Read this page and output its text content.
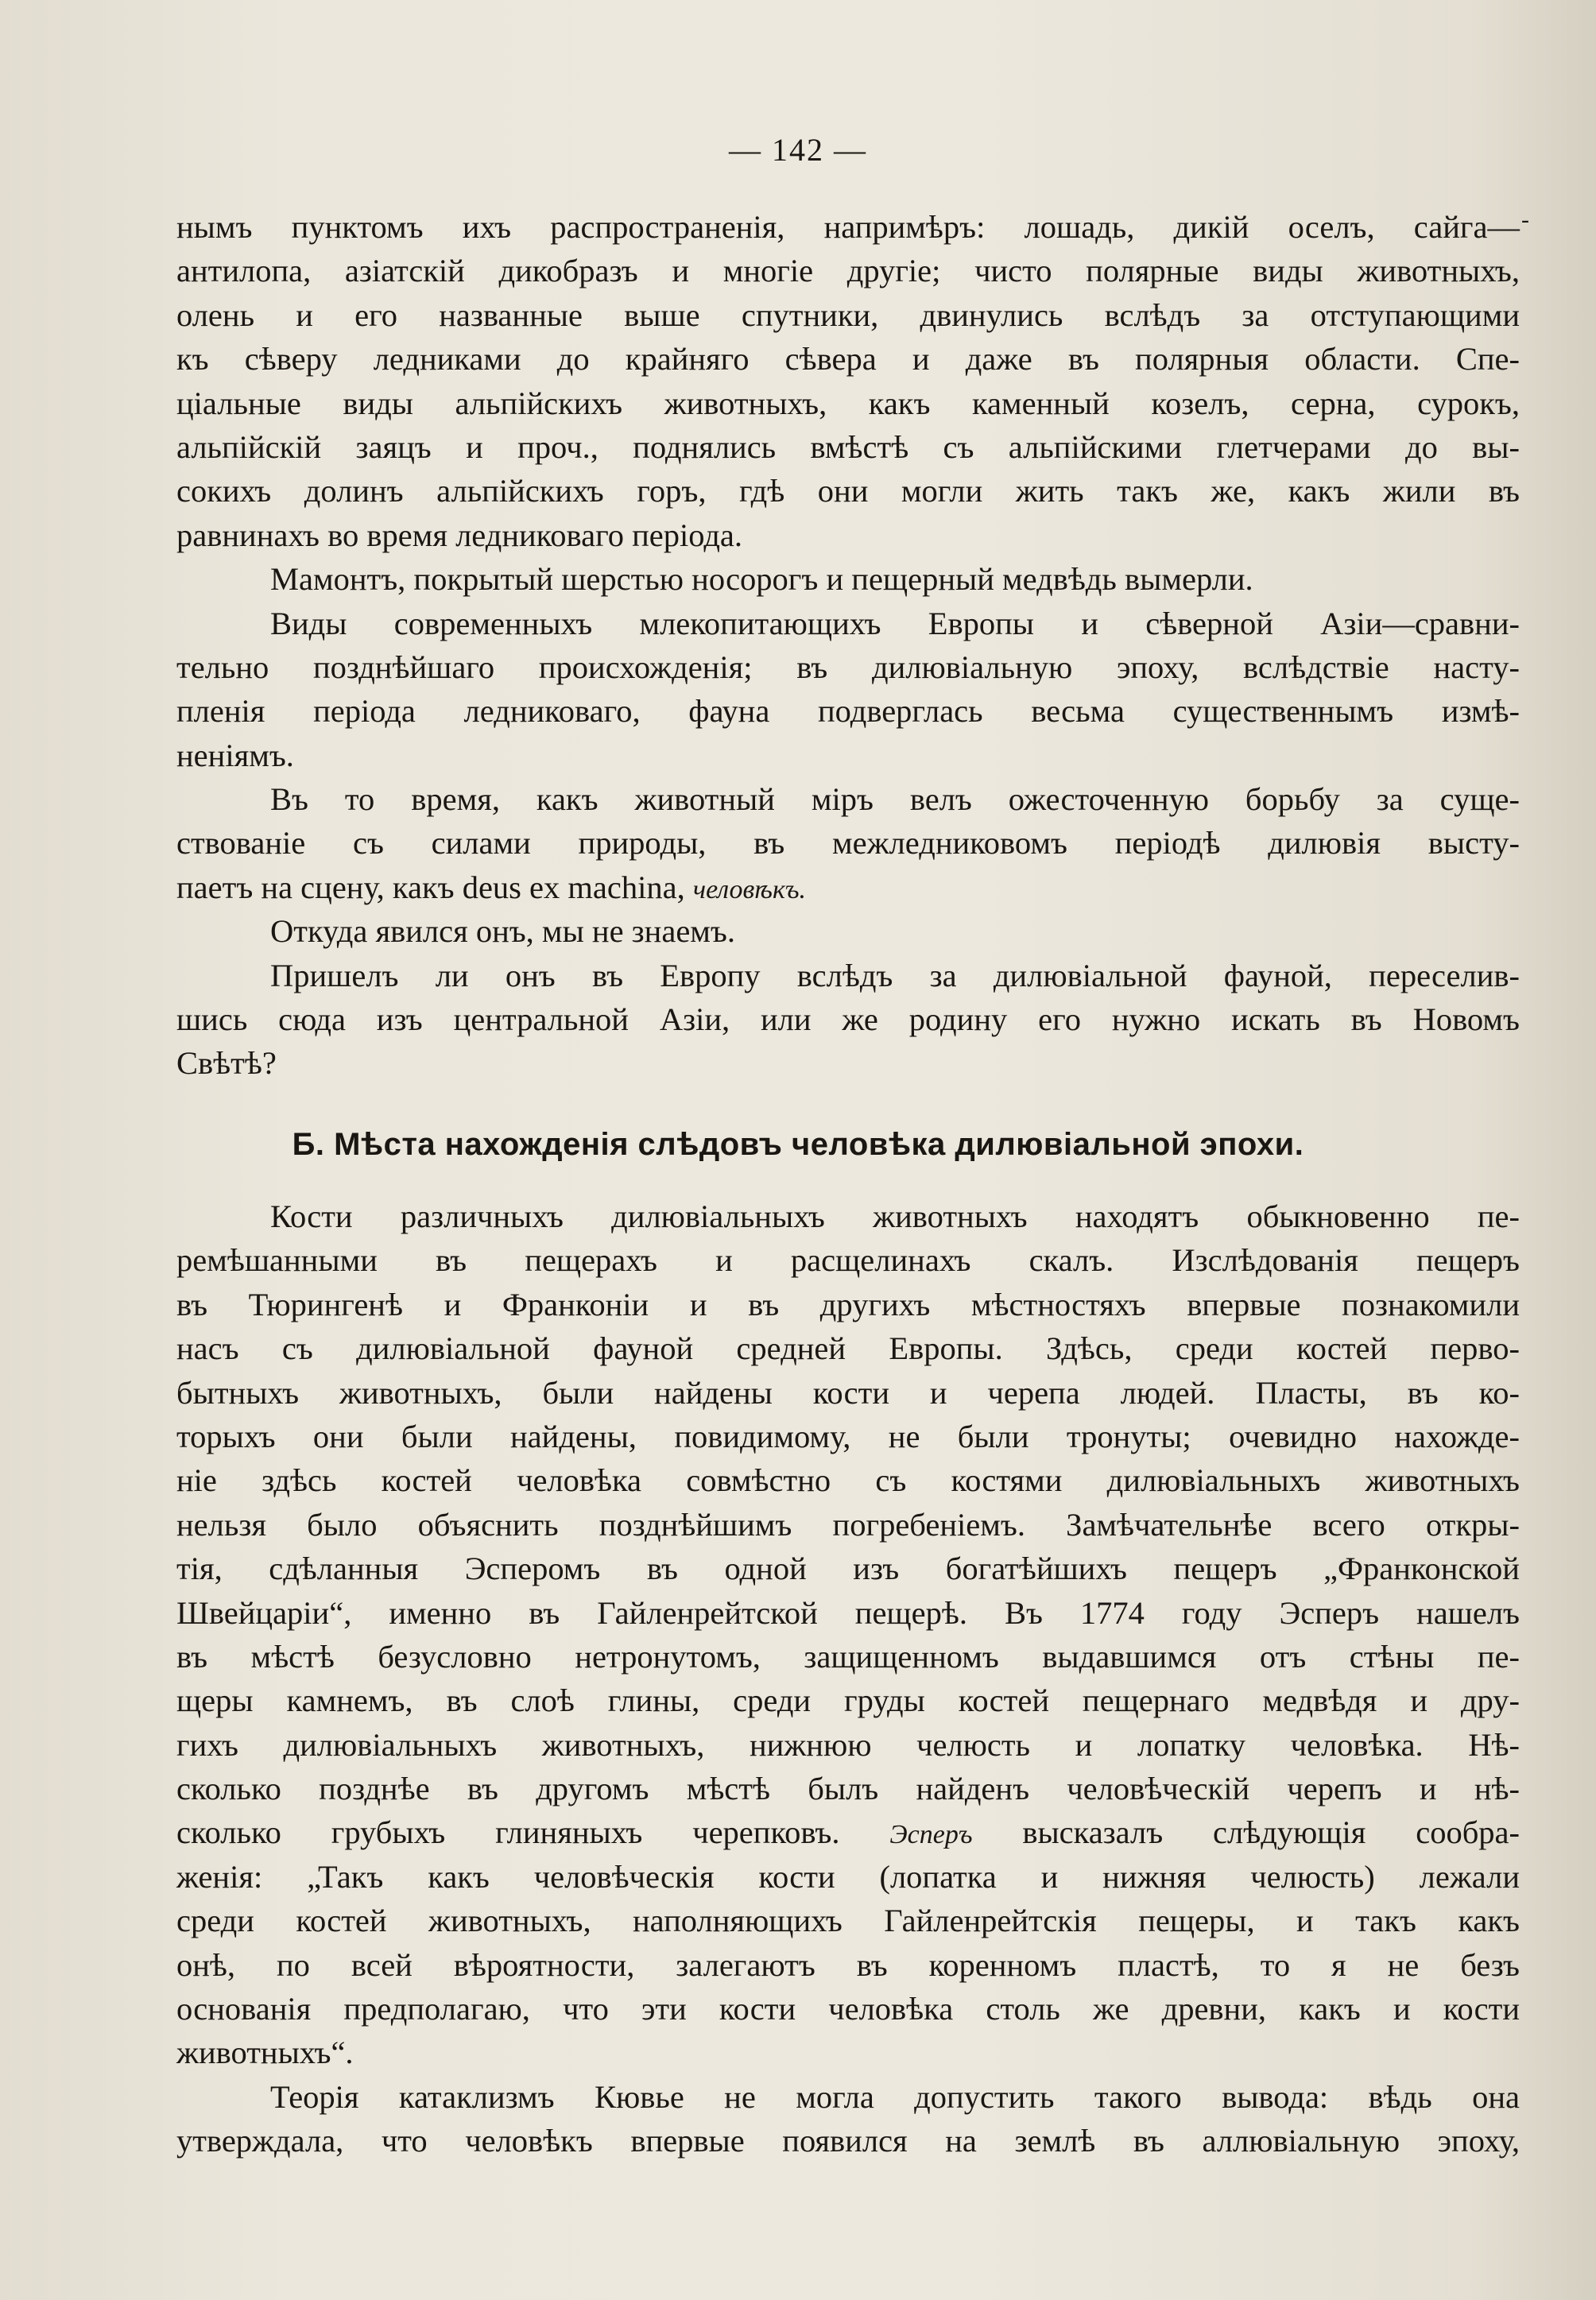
— 142 —
-
нымъ пунктомъ ихъ распространенія, напримѣръ: лошадь, дикій оселъ, сайга—
антилопа, азіатскій дикобразъ и многіе другіе; чисто полярные виды животныхъ,
олень и его названные выше спутники, двинулись вслѣдъ за отступающими
къ сѣверу ледниками до крайняго сѣвера и даже въ полярныя области. Спе-
ціальные виды альпійскихъ животныхъ, какъ каменный козелъ, серна, сурокъ,
альпійскій заяцъ и проч., поднялись вмѣстѣ съ альпійскими глетчерами до вы-
сокихъ долинъ альпійскихъ горъ, гдѣ они могли жить такъ же, какъ жили въ
равнинахъ во время ледниковаго періода.
Мамонтъ, покрытый шерстью носорогъ и пещерный медвѣдь вымерли.
Виды современныхъ млекопитающихъ Европы и сѣверной Азіи—сравни-
тельно позднѣйшаго происхожденія; въ дилювіальную эпоху, вслѣдствіе насту-
пленія періода ледниковаго, фауна подверглась весьма существеннымъ измѣ-
неніямъ.
Въ то время, какъ животный міръ велъ ожесточенную борьбу за суще-
ствованіе съ силами природы, въ межледниковомъ періодѣ дилювія высту-
паетъ на сцену, какъ deus ex machina, человѣкъ.
Откуда явился онъ, мы не знаемъ.
Пришелъ ли онъ въ Европу вслѣдъ за дилювіальной фауной, переселив-
шись сюда изъ центральной Азіи, или же родину его нужно искать въ Новомъ
Свѣтѣ?
Б. Мѣста нахожденія слѣдовъ человѣка дилювіальной эпохи.
Кости различныхъ дилювіальныхъ животныхъ находятъ обыкновенно пе-
ремѣшанными въ пещерахъ и расщелинахъ скалъ. Изслѣдованія пещеръ
въ Тюрингенѣ и Франконіи и въ другихъ мѣстностяхъ впервые познакомили
насъ съ дилювіальной фауной средней Европы. Здѣсь, среди костей перво-
бытныхъ животныхъ, были найдены кости и черепа людей. Пласты, въ ко-
торыхъ они были найдены, повидимому, не были тронуты; очевидно нахожде-
ніе здѣсь костей человѣка совмѣстно съ костями дилювіальныхъ животныхъ
нельзя было объяснить позднѣйшимъ погребеніемъ. Замѣчательнѣе всего откры-
тія, сдѣланныя Эсперомъ въ одной изъ богатѣйшихъ пещеръ „Франконской
Швейцаріи“, именно въ Гайленрейтской пещерѣ. Въ 1774 году Эсперъ нашелъ
въ мѣстѣ безусловно нетронутомъ, защищенномъ выдавшимся отъ стѣны пе-
щеры камнемъ, въ слоѣ глины, среди груды костей пещернаго медвѣдя и дру-
гихъ дилювіальныхъ животныхъ, нижнюю челюсть и лопатку человѣка. Нѣ-
сколько позднѣе въ другомъ мѣстѣ былъ найденъ человѣческій черепъ и нѣ-
сколько грубыхъ глиняныхъ черепковъ. Эсперъ высказалъ слѣдующія сообра-
женія: „Такъ какъ человѣческія кости (лопатка и нижняя челюсть) лежали
среди костей животныхъ, наполняющихъ Гайленрейтскія пещеры, и такъ какъ
онѣ, по всей вѣроятности, залегаютъ въ коренномъ пластѣ, то я не безъ
основанія предполагаю, что эти кости человѣка столь же древни, какъ и кости
животныхъ“.
Теорія катаклизмъ Кювье не могла допустить такого вывода: вѣдь она
утверждала, что человѣкъ впервые появился на землѣ въ аллювіальную эпоху,
